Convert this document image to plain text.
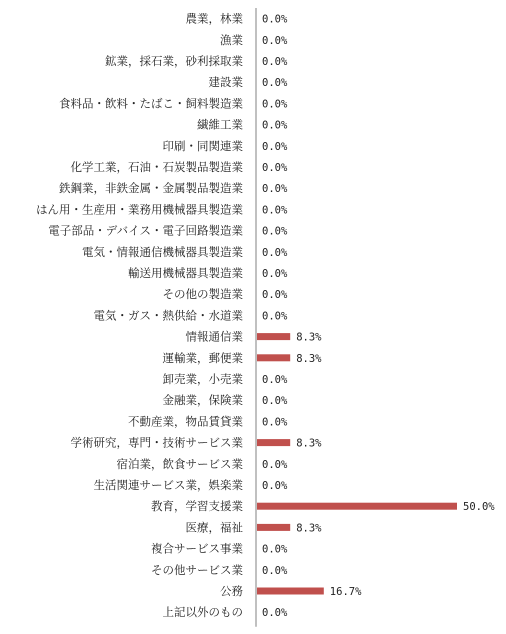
農業，林業
漁業
鉱業，採石業，砂利採取業
建設業
食料品・飲料・たばこ・飼料製造業
繊維工業
印刷・同関連業
化学工業，石油・石炭製品製造業
鉄鋼業，非鉄金属・金属製品製造業
はん用・生産用・業務用機械器具製造業
電子部品・デバイス・電子回路製造業
電気・情報通信機械器具製造業
輸送用機械器具製造業
その他の製造業
電気・ガス・熱供給・水道業
情報通信業
運輸業，郵便業
卸売業，小売業
金融業，保険業
不動産業，物品賃貸業
学術研究，専門・技術サービス業
宿泊業，飲食サービス業
生活関連サービス業，娯楽業
教育，学習支援業
医療，福祉
複合サービス事業
その他サービス業
公務
上記以外のもの
0.0%
0.0%
0.0%
0.0%
0.0%
0.0%
0.0%
0.0%
0.0%
0.0%
0.0%
0.0%
0.0%
0.0%
0.0%
8.3%
8.3%
0.0%
0.0%
0.0%
8.3%
0.0%
0.0%
50.0%
8.3%
0.0%
0.0%
16.7%
0.0%
